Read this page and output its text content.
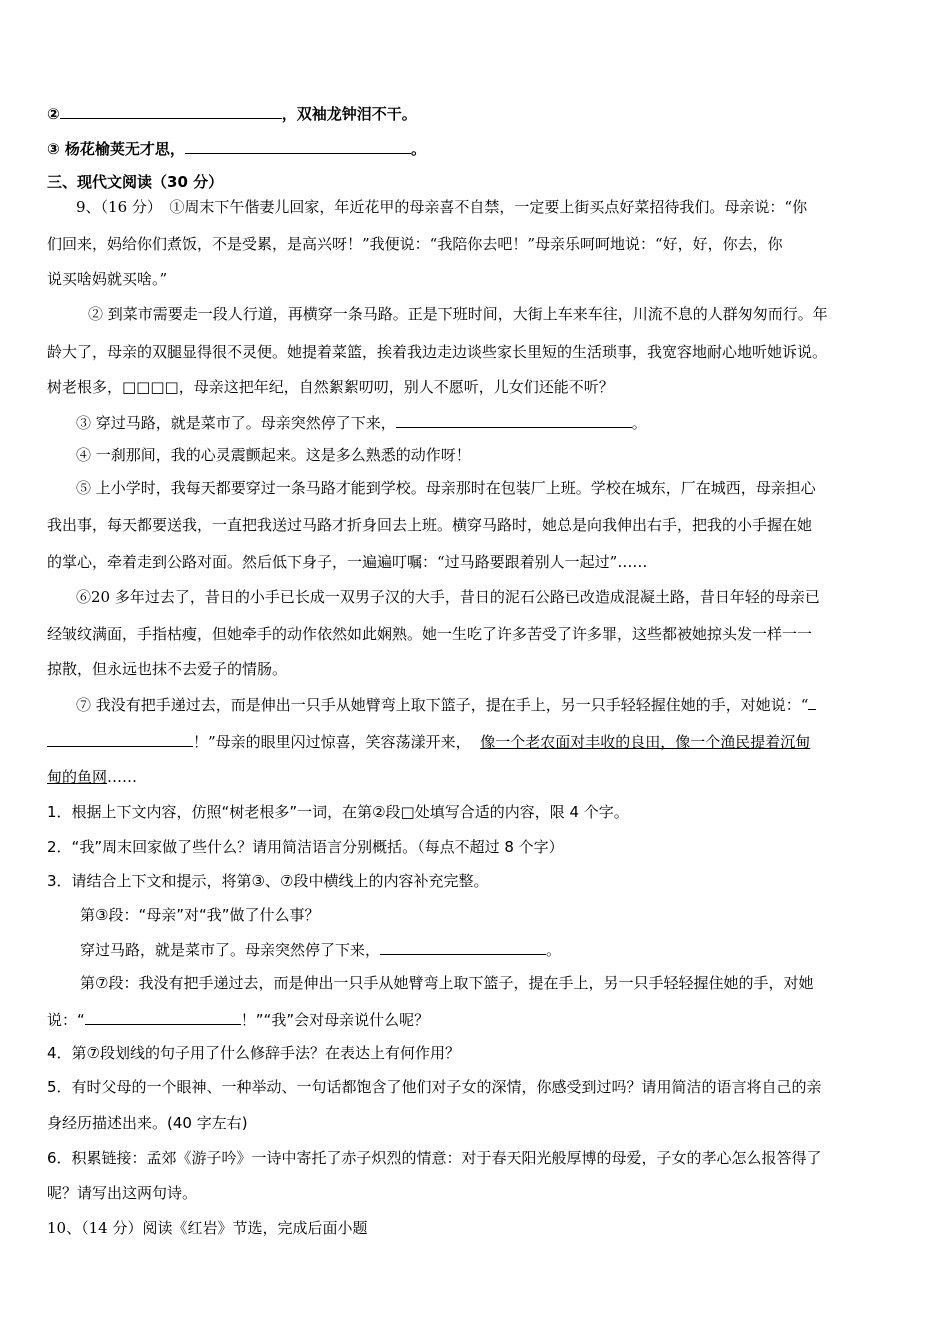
②	，双袖龙钟泪不干。
③ 杨花榆荚无才思，	。
三、现代文阅读（30 分）
9、（16 分）　①周末下午偕妻儿回家，年近花甲的母亲喜不自禁，一定要上街买点好菜招待我们。母亲说：“你
们回来，妈给你们煮饭，不是受累，是高兴呀！”我便说：“我陪你去吧！”母亲乐呵呵地说：“好，好，你去，你
说买啥妈就买啥。”
② 到菜市需要走一段人行道，再横穿一条马路。正是下班时间，大街上车来车往，川流不息的人群匆匆而行。年
龄大了，母亲的双腿显得很不灵便。她提着菜篮，挨着我边走边谈些家长里短的生活琐事，我宽容地耐心地听她诉说。
树老根多，□□□□，母亲这把年纪，自然絮絮叨叨，别人不愿听，儿女们还能不听？
③ 穿过马路，就是菜市了。母亲突然停了下来，	。
④ 一刹那间，我的心灵震颤起来。这是多么熟悉的动作呀！
⑤ 上小学时，我每天都要穿过一条马路才能到学校。母亲那时在包装厂上班。学校在城东，厂在城西，母亲担心
我出事，每天都要送我，一直把我送过马路才折身回去上班。横穿马路时，她总是向我伸出右手，把我的小手握在她
的掌心，牵着走到公路对面。然后低下身子，一遍遍叮嘱：“过马路要跟着别人一起过”……
⑥20 多年过去了，昔日的小手已长成一双男子汉的大手，昔日的泥石公路已改造成混凝土路，昔日年轻的母亲已
经皱纹满面，手指枯瘦，但她牵手的动作依然如此娴熟。她一生吃了许多苦受了许多罪，这些都被她掠头发一样一一
掠散，但永远也抹不去爱子的情肠。
⑦ 我没有把手递过去，而是伸出一只手从她臂弯上取下篮子，提在手上，另一只手轻轻握住她的手，对她说：“
！”母亲的眼里闪过惊喜，笑容荡漾开来， 像一个老农面对丰收的良田，像一个渔民提着沉甸
甸的鱼网……
1．根据上下文内容，仿照“树老根多”一词，在第②段□处填写合适的内容，限 4 个字。
2．“我”周末回家做了些什么？请用简洁语言分别概括。（每点不超过 8 个字）
3．请结合上下文和提示，将第③、⑦段中横线上的内容补充完整。
第③段：“母亲”对“我”做了什么事？
穿过马路，就是菜市了。母亲突然停了下来，	。
第⑦段：我没有把手递过去，而是伸出一只手从她臂弯上取下篮子，提在手上，另一只手轻轻握住她的手，对她
说：“	！”“我”会对母亲说什么呢？
4．第⑦段划线的句子用了什么修辞手法？在表达上有何作用？
5．有时父母的一个眼神、一种举动、一句话都饱含了他们对子女的深情，你感受到过吗？请用简洁的语言将自己的亲
身经历描述出来。(40 字左右)
6．积累链接：孟郊《游子吟》一诗中寄托了赤子炽烈的情意：对于春天阳光般厚博的母爱，子女的孝心怎么报答得了
呢？请写出这两句诗。
10、（14 分）阅读《红岩》节选，完成后面小题
